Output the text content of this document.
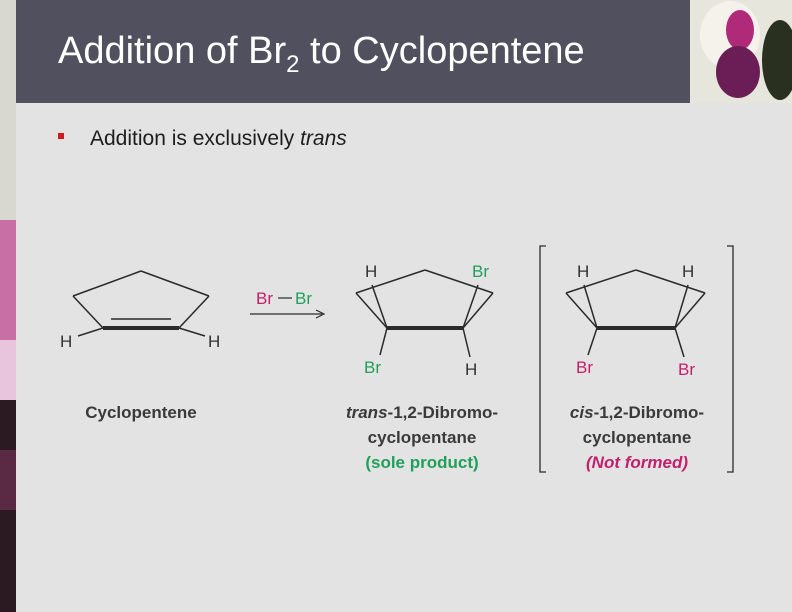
Addition of $Br_2$ to Cyclopentene
Addition is exclusively trans
H	H
Cyclopentene
Br Br
H	Br
Br	H
trans-1,2-Dibromo-
cyclopentane
(sole product)
H	H
Br	Br
cis-1,2-Dibromo-
cyclopentane
(Not formed)
